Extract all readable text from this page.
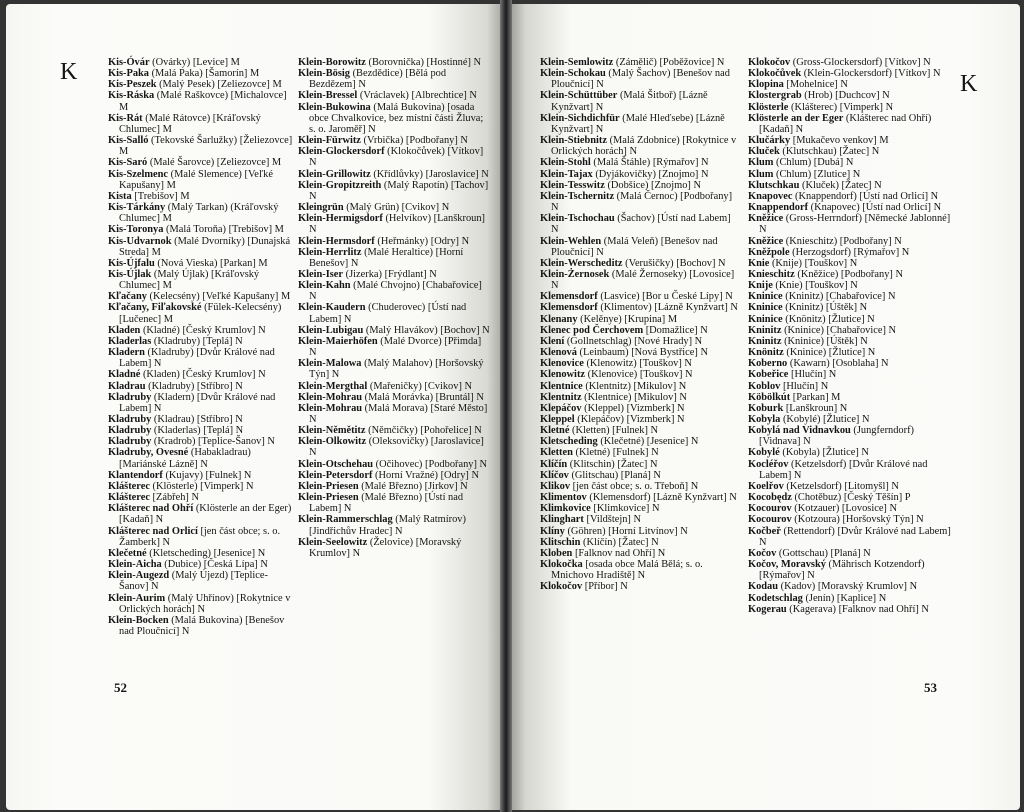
K	Kis-Óvár (Ovárky) [Levice] M
Kis-Paka (Malá Paka) [Šamorín] M
Kis-Peszek (Malý Pesek) [Zeliezovce] M
Kis-Ráska (Malé Raškovce) [Michalovce] M
Kis-Rát (Malé Rátovce) [Kráľovský Chlumec] M
Kis-Salló (Tekovské Šarlužky) [Želiezovce] M
Kis-Saró (Malé Šarovce) [Zeliezovce] M
Kis-Szelmenc (Malé Slemence) [Veľké Kapušany] M
Kista [Trebišov] M
Kis-Tárkány (Malý Tarkan) (Kráľovský Chlumec] M
Kis-Toronya (Malá Toroňa) [Trebišov] M
Kis-Udvarnok (Malé Dvorníky) [Dunajská Streda] M
Kis-Újfalu (Nová Vieska) [Parkan] M
Kis-Újlak (Malý Újlak) [Kráľovský Chlumec] M
Kľačany (Kelecsény) [Veľké Kapušany] M
Kľačany, Fiľakovské (Fülek-Kelecsény) [Lučenec] M
Kladen (Kladné) [Český Krumlov] N
Kladerlas (Kladruby) [Teplá] N
Kladern (Kladruby) [Dvůr Králové nad Labem] N
Kladné (Kladen) [Český Krumlov] N
Kladrau (Kladruby) [Stříbro] N
Kladruby (Kladern) [Dvůr Králové nad Labem] N
Kladruby (Kladrau) [Stříbro] N
Kladruby (Kladerlas) [Teplá] N
Kladruby (Kradrob) [Teplice-Šanov] N
Kladruby, Ovesné (Habakladrau) [Mariánské Lázně] N
Klantendorf (Kujavy) [Fulnek] N
Klášterec (Klösterle) [Vimperk] N
Klášterec [Zábřeh] N
Klášterec nad Ohří (Klösterle an der Eger) [Kadaň] N
Klášterec nad Orlicí [jen část obce; s. o. Žamberk] N
Klečetné (Kletscheding) [Jesenice] N
Klein-Aicha (Dubice) [Česká Lípa] N
Klein-Augezd (Malý Újezd) [Teplice-Šanov] N
Klein-Aurim (Malý Uhřínov) [Rokytnice v Orlických horách] N
Klein-Bocken (Malá Bukovina) [Benešov nad Ploučnicí] N
Klein-Borowitz (Borovnička) [Hostinné] N
Klein-Bösig (Bezdědice) [Bělá pod Bezdězem] N
Klein-Bressel (Vráclavek) [Albrechtice] N
Klein-Bukowina (Malá Bukovina) [osada obce Chvalkovice, bez místní části Žluva; s. o. Jaroměř] N
Klein-Fürwitz (Vrbička) [Podbořany] N
Klein-Glockersdorf (Klokočůvek) [Vítkov] N
Klein-Grillowitz (Křídlůvky) [Jaroslavice] N
Klein-Gropitzreith (Malý Rapotín) [Tachov] N
Kleingrün (Malý Grün) [Cvikov] N
Klein-Hermigsdorf (Helvíkov) [Lanškroun] N
Klein-Hermsdorf (Heřmánky) [Odry] N
Klein-Herrlitz (Malé Heraltice) [Horní Benešov] N
Klein-Iser (Jizerka) [Frýdlant] N
Klein-Kahn (Malé Chvojno) [Chabařovice] N
Klein-Kaudern (Chuderovec) [Ústí nad Labem] N
Klein-Lubigau (Malý Hlavákov) [Bochov] N
Klein-Maierhöfen (Malé Dvorce) [Přimda] N
Klein-Malowa (Malý Malahov) [Horšovský Týn] N
Klein-Mergthal (Mařeničky) [Cvikov] N
Klein-Mohrau (Malá Morávka) [Bruntál] N
Klein-Mohrau (Malá Morava) [Staré Město] N
Klein-Němětitz (Němčičky) [Pohořelice] N
Klein-Olkowitz (Oleksovičky) [Jaroslavice] N
Klein-Otschehau (Očihovec) [Podbořany] N
Klein-Petersdorf (Horní Vražné) [Odry] N
Klein-Priesen (Malé Březno) [Jirkov] N
Klein-Priesen (Malé Březno) [Ústí nad Labem] N
Klein-Rammerschlag (Malý Ratmírov) [Jindřichův Hradec] N
Klein-Seelowitz (Želovice) [Moravský Krumlov] N
52
Klein-Semlowitz (Zámělič) [Poběžovice] N
Klein-Schokau (Malý Šachov) [Benešov nad Ploučnicí] N
Klein-Schüttüber (Malá Šitboř) [Lázně Kynžvart] N
Klein-Sichdichfür (Malé Hleďsebe) [Lázně Kynžvart] N
Klein-Stiebnitz (Malá Zdobnice) [Rokytnice v Orlických horách] N
Klein-Stohl (Malá Štáhle) [Rýmařov] N
Klein-Tajax (Dyjákovičky) [Znojmo] N
Klein-Tesswitz (Dobšice) [Znojmo] N
Klein-Tschernitz (Malá Černoc) [Podbořany] N
Klein-Tschochau (Šachov) [Ústí nad Labem] N
Klein-Wehlen (Malá Veleň) [Benešov nad Ploučnicí] N
Klein-Werscheditz (Verušičky) [Bochov] N
Klein-Żernosek (Malé Žernoseky) [Lovosice] N
Klemensdorf (Lasvice) [Bor u České Lípy] N
Klemensdorf (Klimentov) [Lázně Kynžvart] N
Klenany (Kelěnye) [Krupina] M
Klenec pod Čerchovem [Domažlice] N
Klení (Gollnetschlag) [Nové Hrady] N
Klenová (Leinbaum) [Nová Bystřice] N
Klenovice (Klenowitz) [Touškov] N
Klenowitz (Klenovice) [Touškov] N
Klentnice (Klentnitz) [Mikulov] N
Klentnitz (Klentnice) [Mikulov] N
Klepáčov (Kleppel) [Vizmberk] N
Kleppel (Klepáčov) [Vizmberk] N
Kletné (Kletten) [Fulnek] N
Kletscheding (Klečetné) [Jesenice] N
Kletten (Kletné) [Fulnek] N
Klíčín (Klitschin) [Žatec] N
Klíčov (Glitschau) [Planá] N
Klikov [jen část obce; s. o. Třeboň] N
Klimentov (Klemensdorf) [Lázně Kynžvart] N
Klimkovice [Klimkovice] N
Klinghart [Vildštejn] N
Klíny (Göhren) [Horní Litvínov] N
Klitschin (Klíčín) [Žatec] N
Kloben [Falknov nad Ohří] N
Klokočka [osada obce Malá Bělá; s. o. Mnichovo Hradiště] N
Klokočov [Příbor] N
Klokočov (Gross-Glockersdorf) [Vítkov] N
Klokočůvek (Klein-Glockersdorf) [Vítkov] N
Klopina [Mohelnice] N
Klostergrab (Hrob) [Duchcov] N
Klösterle (Klášterec) [Vimperk] N
Klösterle an der Eger (Klášterec nad Ohří) [Kadaň] N
Klučárky [Mukačevo venkov] M
Kluček (Klutschkau) [Žatec] N
Klum (Chlum) [Dubá] N
Klum (Chlum) [Zlutice] N
Klutschkau (Kluček) [Žatec] N
Knapovec (Knappendorf) [Ústí nad Orlicí] N
Knappendorf (Knapovec) [Ústí nad Orlicí] N
Kněžice (Gross-Herrndorf) [Německé Jablonné] N
Kněžice (Knieschitz) [Podbořany] N
Kněžpole (Herzogsdorf) [Rýmařov] N
Knie (Knije) [Touškov] N
Knieschitz (Kněžice) [Podbořany] N
Knije (Knie) [Touškov] N
Kninice (Kninitz) [Chabařovice] N
Kninice (Kninitz) [Úštěk] N
Kninice (Knönitz) [Žlutice] N
Kninitz (Kninice) [Chabařovice] N
Kninitz (Kninice) [Úštěk] N
Knönitz (Kninice) [Žlutice] N
Koberno (Kawarn) [Osoblaha] N
Kobeřice [Hlučín] N
Koblov [Hlučín] N
Köbölkút [Parkan] M
Koburk [Lanškroun] N
Kobyla (Kobylé) [Žlutice] N
Kobylá nad Vidnavkou (Jungferndorf) [Vidnava] N
Kobylé (Kobyla) [Žlutice] N
Kocléřov (Ketzelsdorf) [Dvůr Králové nad Labem] N
Koelřov (Ketzelsdorf) [Litomyšl] N
Kocobędz (Chotěbuz) [Český Těšín] P
Kocourov (Kotzauer) [Lovosice] N
Kocourov (Kotzoura) [Horšovský Týn] N
Kočbeř (Rettendorf) [Dvůr Králové nad Labem] N
Kočov (Gottschau) [Planá] N
Kočov, Moravský (Mährisch Kotzendorf) [Rýmařov] N
Kodau (Kadov) [Moravský Krumlov] N
Kodetschlag (Jenín) [Kaplice] N
Kogerau (Kagerava) [Falknov nad Ohří] N
K
53
